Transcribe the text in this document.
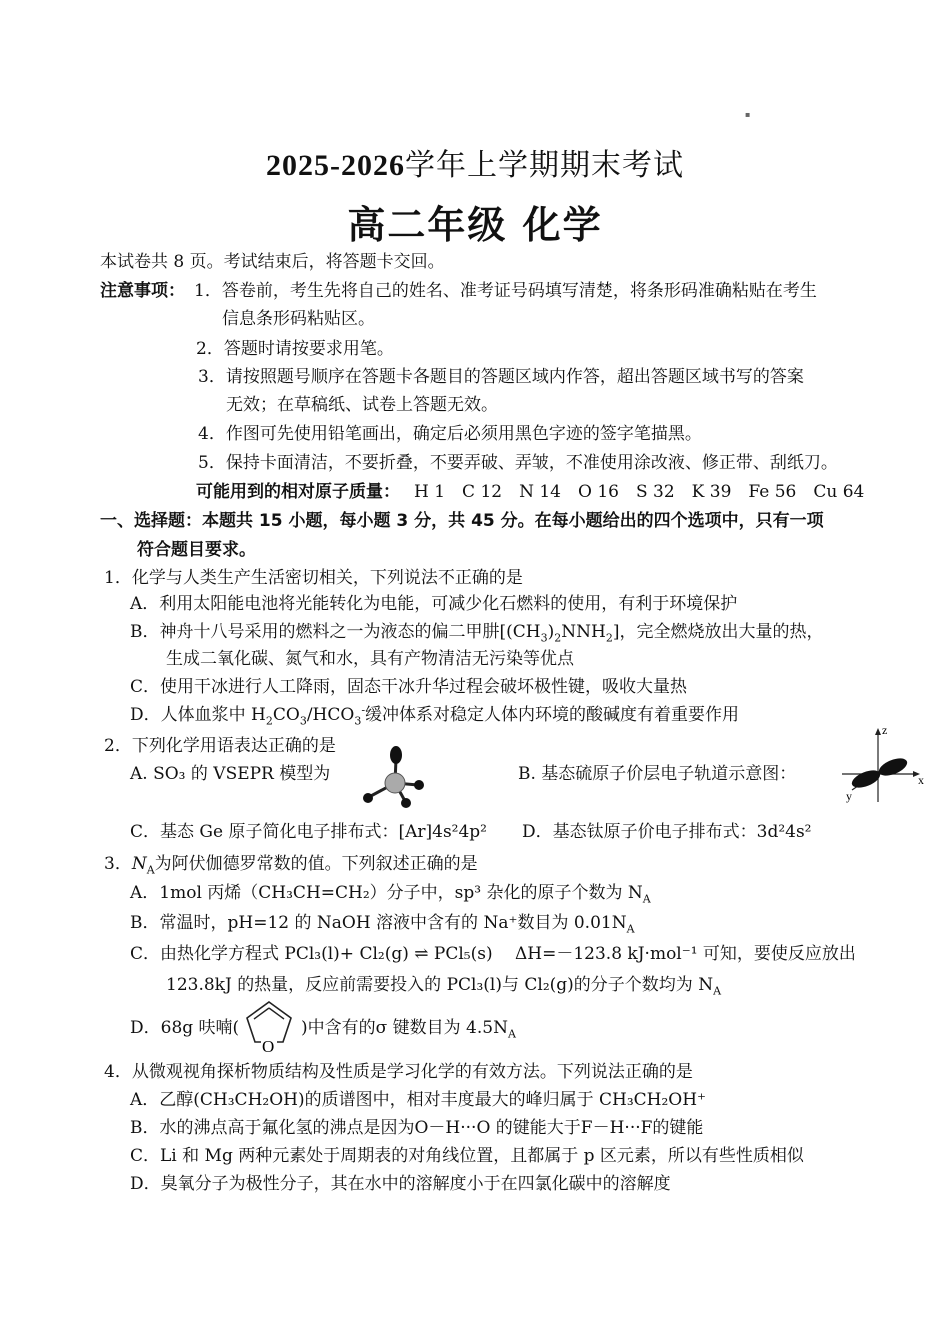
▪
2025-2026学年上学期期末考试
高二年级 化学
本试卷共 8 页。考试结束后，将答题卡交回。
注意事项： 1．答卷前，考生先将自己的姓名、准考证号码填写清楚，将条形码准确粘贴在考生
信息条形码粘贴区。
2．答题时请按要求用笔。
3．请按照题号顺序在答题卡各题目的答题区域内作答，超出答题区域书写的答案
无效；在草稿纸、试卷上答题无效。
4．作图可先使用铅笔画出，确定后必须用黑色字迹的签字笔描黑。
5．保持卡面清洁，不要折叠，不要弄破、弄皱，不准使用涂改液、修正带、刮纸刀。
可能用到的相对原子质量： H 1　C 12　N 14　O 16　S 32　K 39　Fe 56　Cu 64
一、选择题：本题共 15 小题，每小题 3 分，共 45 分。在每小题给出的四个选项中，只有一项
符合题目要求。
1．化学与人类生产生活密切相关，下列说法不正确的是
A．利用太阳能电池将光能转化为电能，可减少化石燃料的使用，有利于环境保护
B．神舟十八号采用的燃料之一为液态的偏二甲肼$[(CH_3)_2NNH_2]$，完全燃烧放出大量的热，
生成二氧化碳、氮气和水，具有产物清洁无污染等优点
C．使用干冰进行人工降雨，固态干冰升华过程会破坏极性键，吸收大量热
D．人体血浆中 $H_2CO_3/HCO_3^-$缓冲体系对稳定人体内环境的酸碱度有着重要作用
2．下列化学用语表达正确的是
A. SO₃ 的 VSEPR 模型为	B. 基态硫原子价层电子轨道示意图：
z
x
y
C．基态 Ge 原子简化电子排布式：[Ar]4s²4p² D．基态钛原子价电子排布式：3d²4s²
3．$N_A$为阿伏伽德罗常数的值。下列叙述正确的是
A．1mol 丙烯（CH₃CH=CH₂）分子中，sp³ 杂化的原子个数为 $N_A$
B．常温时，pH=12 的 NaOH 溶液中含有的 Na⁺数目为 $0.01N_A$
C．由热化学方程式 PCl₃(l)+ Cl₂(g) ⇌ PCl₅(s)　 ΔH=－123.8 kJ·mol⁻¹ 可知，要使反应放出
123.8kJ 的热量，反应前需要投入的 PCl₃(l)与 Cl₂(g)的分子个数均为 $N_A$
D．68g 呋喃(
O
)中含有的σ 键数目为 $4.5N_A$
4．从微观视角探析物质结构及性质是学习化学的有效方法。下列说法正确的是
A．乙醇(CH₃CH₂OH)的质谱图中，相对丰度最大的峰归属于 CH₃CH₂OH⁺
B．水的沸点高于氟化氢的沸点是因为O－H···O 的键能大于F－H···F的键能
C．Li 和 Mg 两种元素处于周期表的对角线位置，且都属于 p 区元素，所以有些性质相似
D．臭氧分子为极性分子，其在水中的溶解度小于在四氯化碳中的溶解度
